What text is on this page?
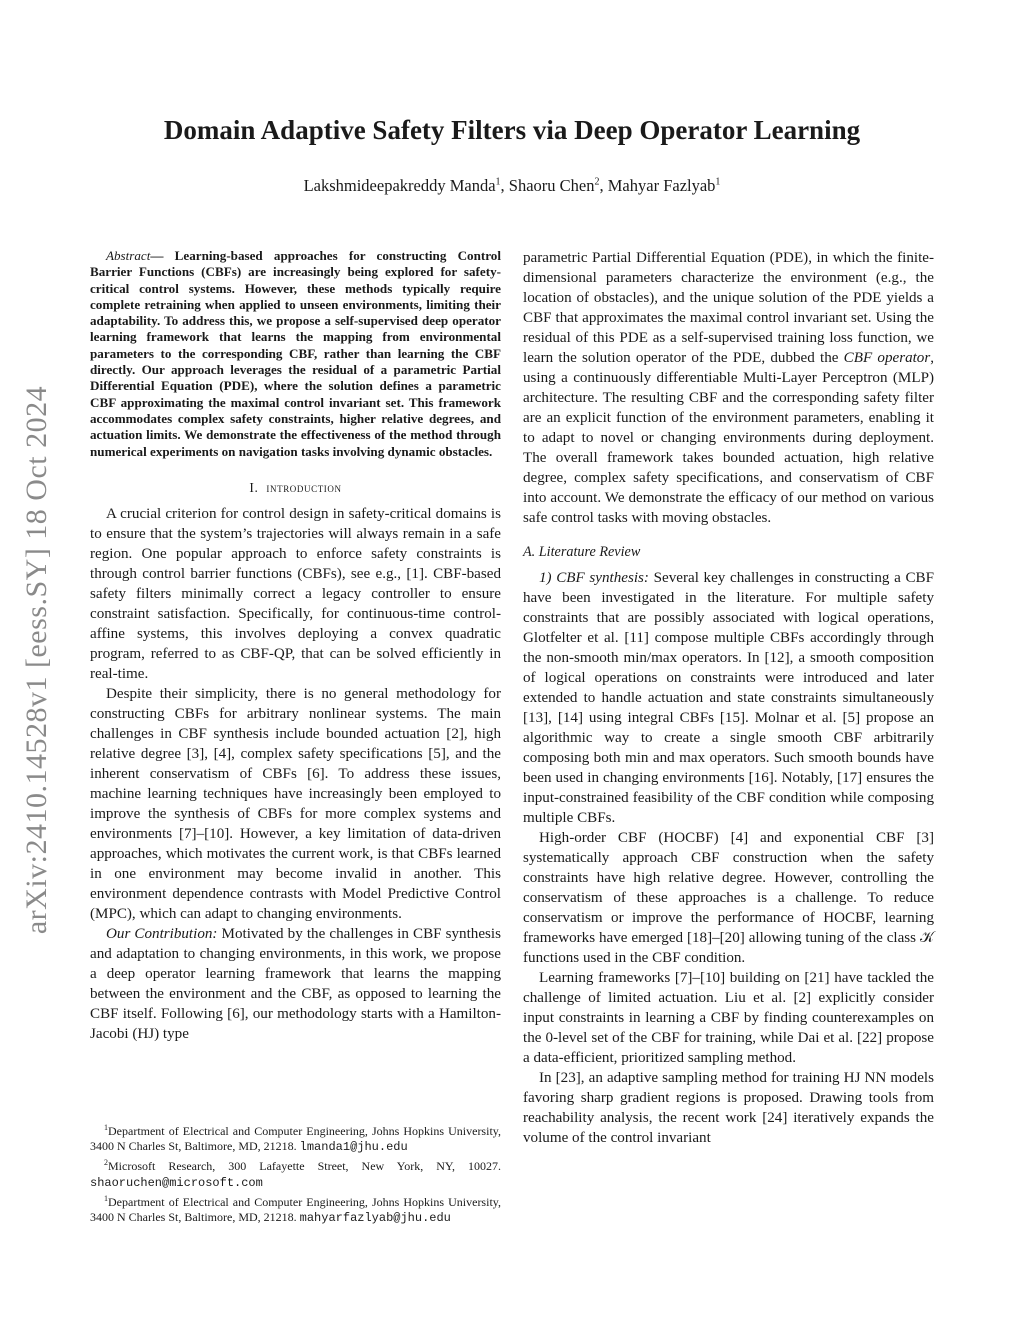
arXiv:2410.14528v1 [eess.SY] 18 Oct 2024
Domain Adaptive Safety Filters via Deep Operator Learning
Lakshmideepakreddy Manda$^1$, Shaoru Chen$^2$, Mahyar Fazlyab$^1$

Abstract— Learning-based approaches for constructing Control Barrier Functions (CBFs) are increasingly being explored for safety-critical control systems. However, these methods typically require complete retraining when applied to unseen environments, limiting their adaptability. To address this, we propose a self-supervised deep operator learning framework that learns the mapping from environmental parameters to the corresponding CBF, rather than learning the CBF directly. Our approach leverages the residual of a parametric Partial Differential Equation (PDE), where the solution defines a parametric CBF approximating the maximal control invariant set. This framework accommodates complex safety constraints, higher relative degrees, and actuation limits. We demonstrate the effectiveness of the method through numerical experiments on navigation tasks involving dynamic obstacles.

I. introduction

A crucial criterion for control design in safety-critical domains is to ensure that the system’s trajectories will always remain in a safe region. One popular approach to enforce safety constraints is through control barrier functions (CBFs), see e.g., [1]. CBF-based safety filters minimally correct a legacy controller to ensure constraint satisfaction. Specifically, for continuous-time control-affine systems, this involves deploying a convex quadratic program, referred to as CBF-QP, that can be solved efficiently in real-time.

Despite their simplicity, there is no general methodology for constructing CBFs for arbitrary nonlinear systems. The main challenges in CBF synthesis include bounded actuation [2], high relative degree [3], [4], complex safety specifications [5], and the inherent conservatism of CBFs [6]. To address these issues, machine learning techniques have increasingly been employed to improve the synthesis of CBFs for more complex systems and environments [7]–[10]. However, a key limitation of data-driven approaches, which motivates the current work, is that CBFs learned in one environment may become invalid in another. This environment dependence contrasts with Model Predictive Control (MPC), which can adapt to changing environments.

Our Contribution: Motivated by the challenges in CBF synthesis and adaptation to changing environments, in this work, we propose a deep operator learning framework that learns the mapping between the environment and the CBF, as opposed to learning the CBF itself. Following [6], our methodology starts with a Hamilton-Jacobi (HJ) type

$^1$Department of Electrical and Computer Engineering, Johns Hopkins University, 3400 N Charles St, Baltimore, MD, 21218. lmanda1@jhu.edu

$^2$Microsoft Research, 300 Lafayette Street, New York, NY, 10027. shaoruchen@microsoft.com

$^1$Department of Electrical and Computer Engineering, Johns Hopkins University, 3400 N Charles St, Baltimore, MD, 21218. mahyarfazlyab@jhu.edu

parametric Partial Differential Equation (PDE), in which the finite-dimensional parameters characterize the environment (e.g., the location of obstacles), and the unique solution of the PDE yields a CBF that approximates the maximal control invariant set. Using the residual of this PDE as a self-supervised training loss function, we learn the solution operator of the PDE, dubbed the CBF operator, using a continuously differentiable Multi-Layer Perceptron (MLP) architecture. The resulting CBF and the corresponding safety filter are an explicit function of the environment parameters, enabling it to adapt to novel or changing environments during deployment. The overall framework takes bounded actuation, high relative degree, complex safety specifications, and conservatism of CBF into account. We demonstrate the efficacy of our method on various safe control tasks with moving obstacles.

A. Literature Review

1) CBF synthesis: Several key challenges in constructing a CBF have been investigated in the literature. For multiple safety constraints that are possibly associated with logical operations, Glotfelter et al. [11] compose multiple CBFs accordingly through the non-smooth min/max operators. In [12], a smooth composition of logical operations on constraints were introduced and later extended to handle actuation and state constraints simultaneously [13], [14] using integral CBFs [15]. Molnar et al. [5] propose an algorithmic way to create a single smooth CBF arbitrarily composing both min and max operators. Such smooth bounds have been used in changing environments [16]. Notably, [17] ensures the input-constrained feasibility of the CBF condition while composing multiple CBFs.

High-order CBF (HOCBF) [4] and exponential CBF [3] systematically approach CBF construction when the safety constraints have high relative degree. However, controlling the conservatism of these approaches is a challenge. To reduce conservatism or improve the performance of HOCBF, learning frameworks have emerged [18]–[20] allowing tuning of the class 𝒦 functions used in the CBF condition.

Learning frameworks [7]–[10] building on [21] have tackled the challenge of limited actuation. Liu et al. [2] explicitly consider input constraints in learning a CBF by finding counterexamples on the 0-level set of the CBF for training, while Dai et al. [22] propose a data-efficient, prioritized sampling method.

In [23], an adaptive sampling method for training HJ NN models favoring sharp gradient regions is proposed. Drawing tools from reachability analysis, the recent work [24] iteratively expands the volume of the control invariant
